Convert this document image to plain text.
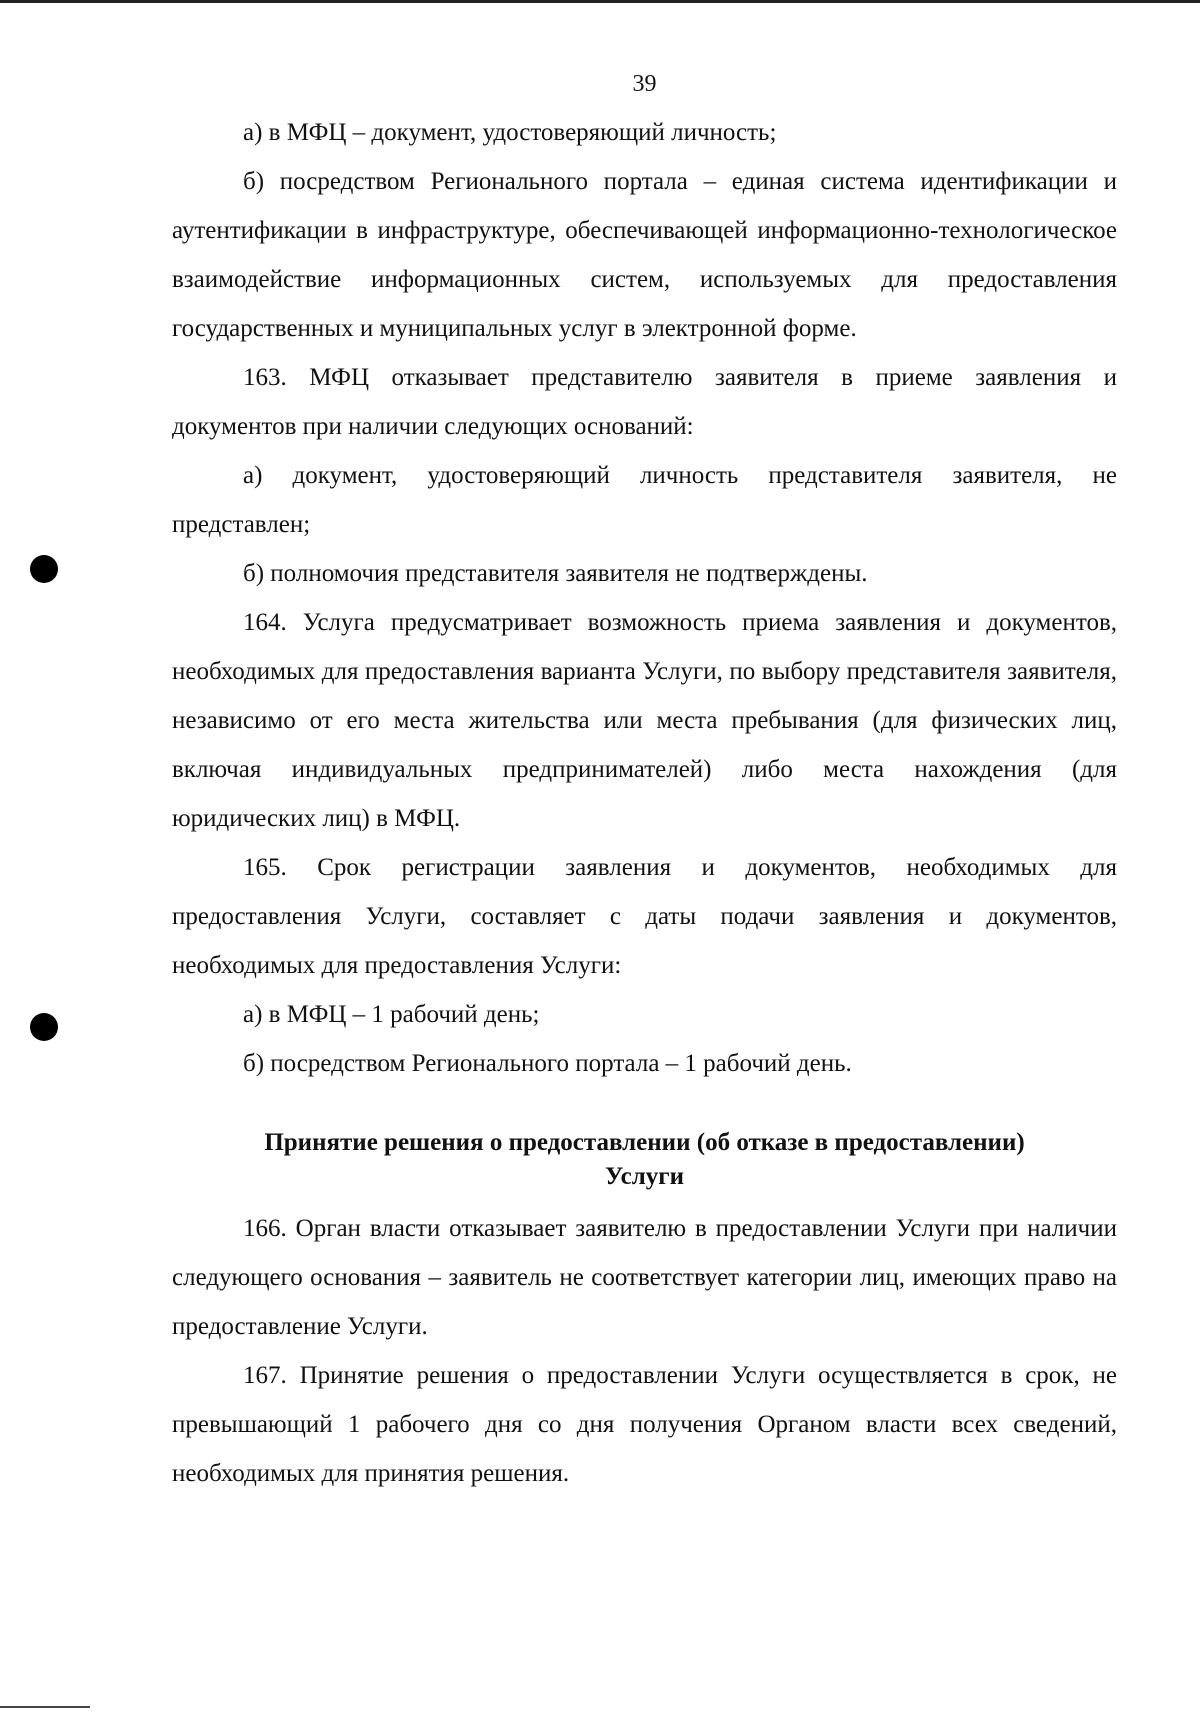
39

а) в МФЦ – документ, удостоверяющий личность;

б) посредством Регионального портала – единая система идентификации и аутентификации в инфраструктуре, обеспечивающей информационно-технологическое взаимодействие информационных систем, используемых для предоставления государственных и муниципальных услуг в электронной форме.

163. МФЦ отказывает представителю заявителя в приеме заявления и документов при наличии следующих оснований:

а) документ, удостоверяющий личность представителя заявителя, не представлен;

б) полномочия представителя заявителя не подтверждены.

164. Услуга предусматривает возможность приема заявления и документов, необходимых для предоставления варианта Услуги, по выбору представителя заявителя, независимо от его места жительства или места пребывания (для физических лиц, включая индивидуальных предпринимателей) либо места нахождения (для юридических лиц) в МФЦ.

165. Срок регистрации заявления и документов, необходимых для предоставления Услуги, составляет с даты подачи заявления и документов, необходимых для предоставления Услуги:

а) в МФЦ – 1 рабочий день;

б) посредством Регионального портала – 1 рабочий день.

Принятие решения о предоставлении (об отказе в предоставлении)
Услуги

166. Орган власти отказывает заявителю в предоставлении Услуги при наличии следующего основания – заявитель не соответствует категории лиц, имеющих право на предоставление Услуги.

167. Принятие решения о предоставлении Услуги осуществляется в срок, не превышающий 1 рабочего дня со дня получения Органом власти всех сведений, необходимых для принятия решения.
